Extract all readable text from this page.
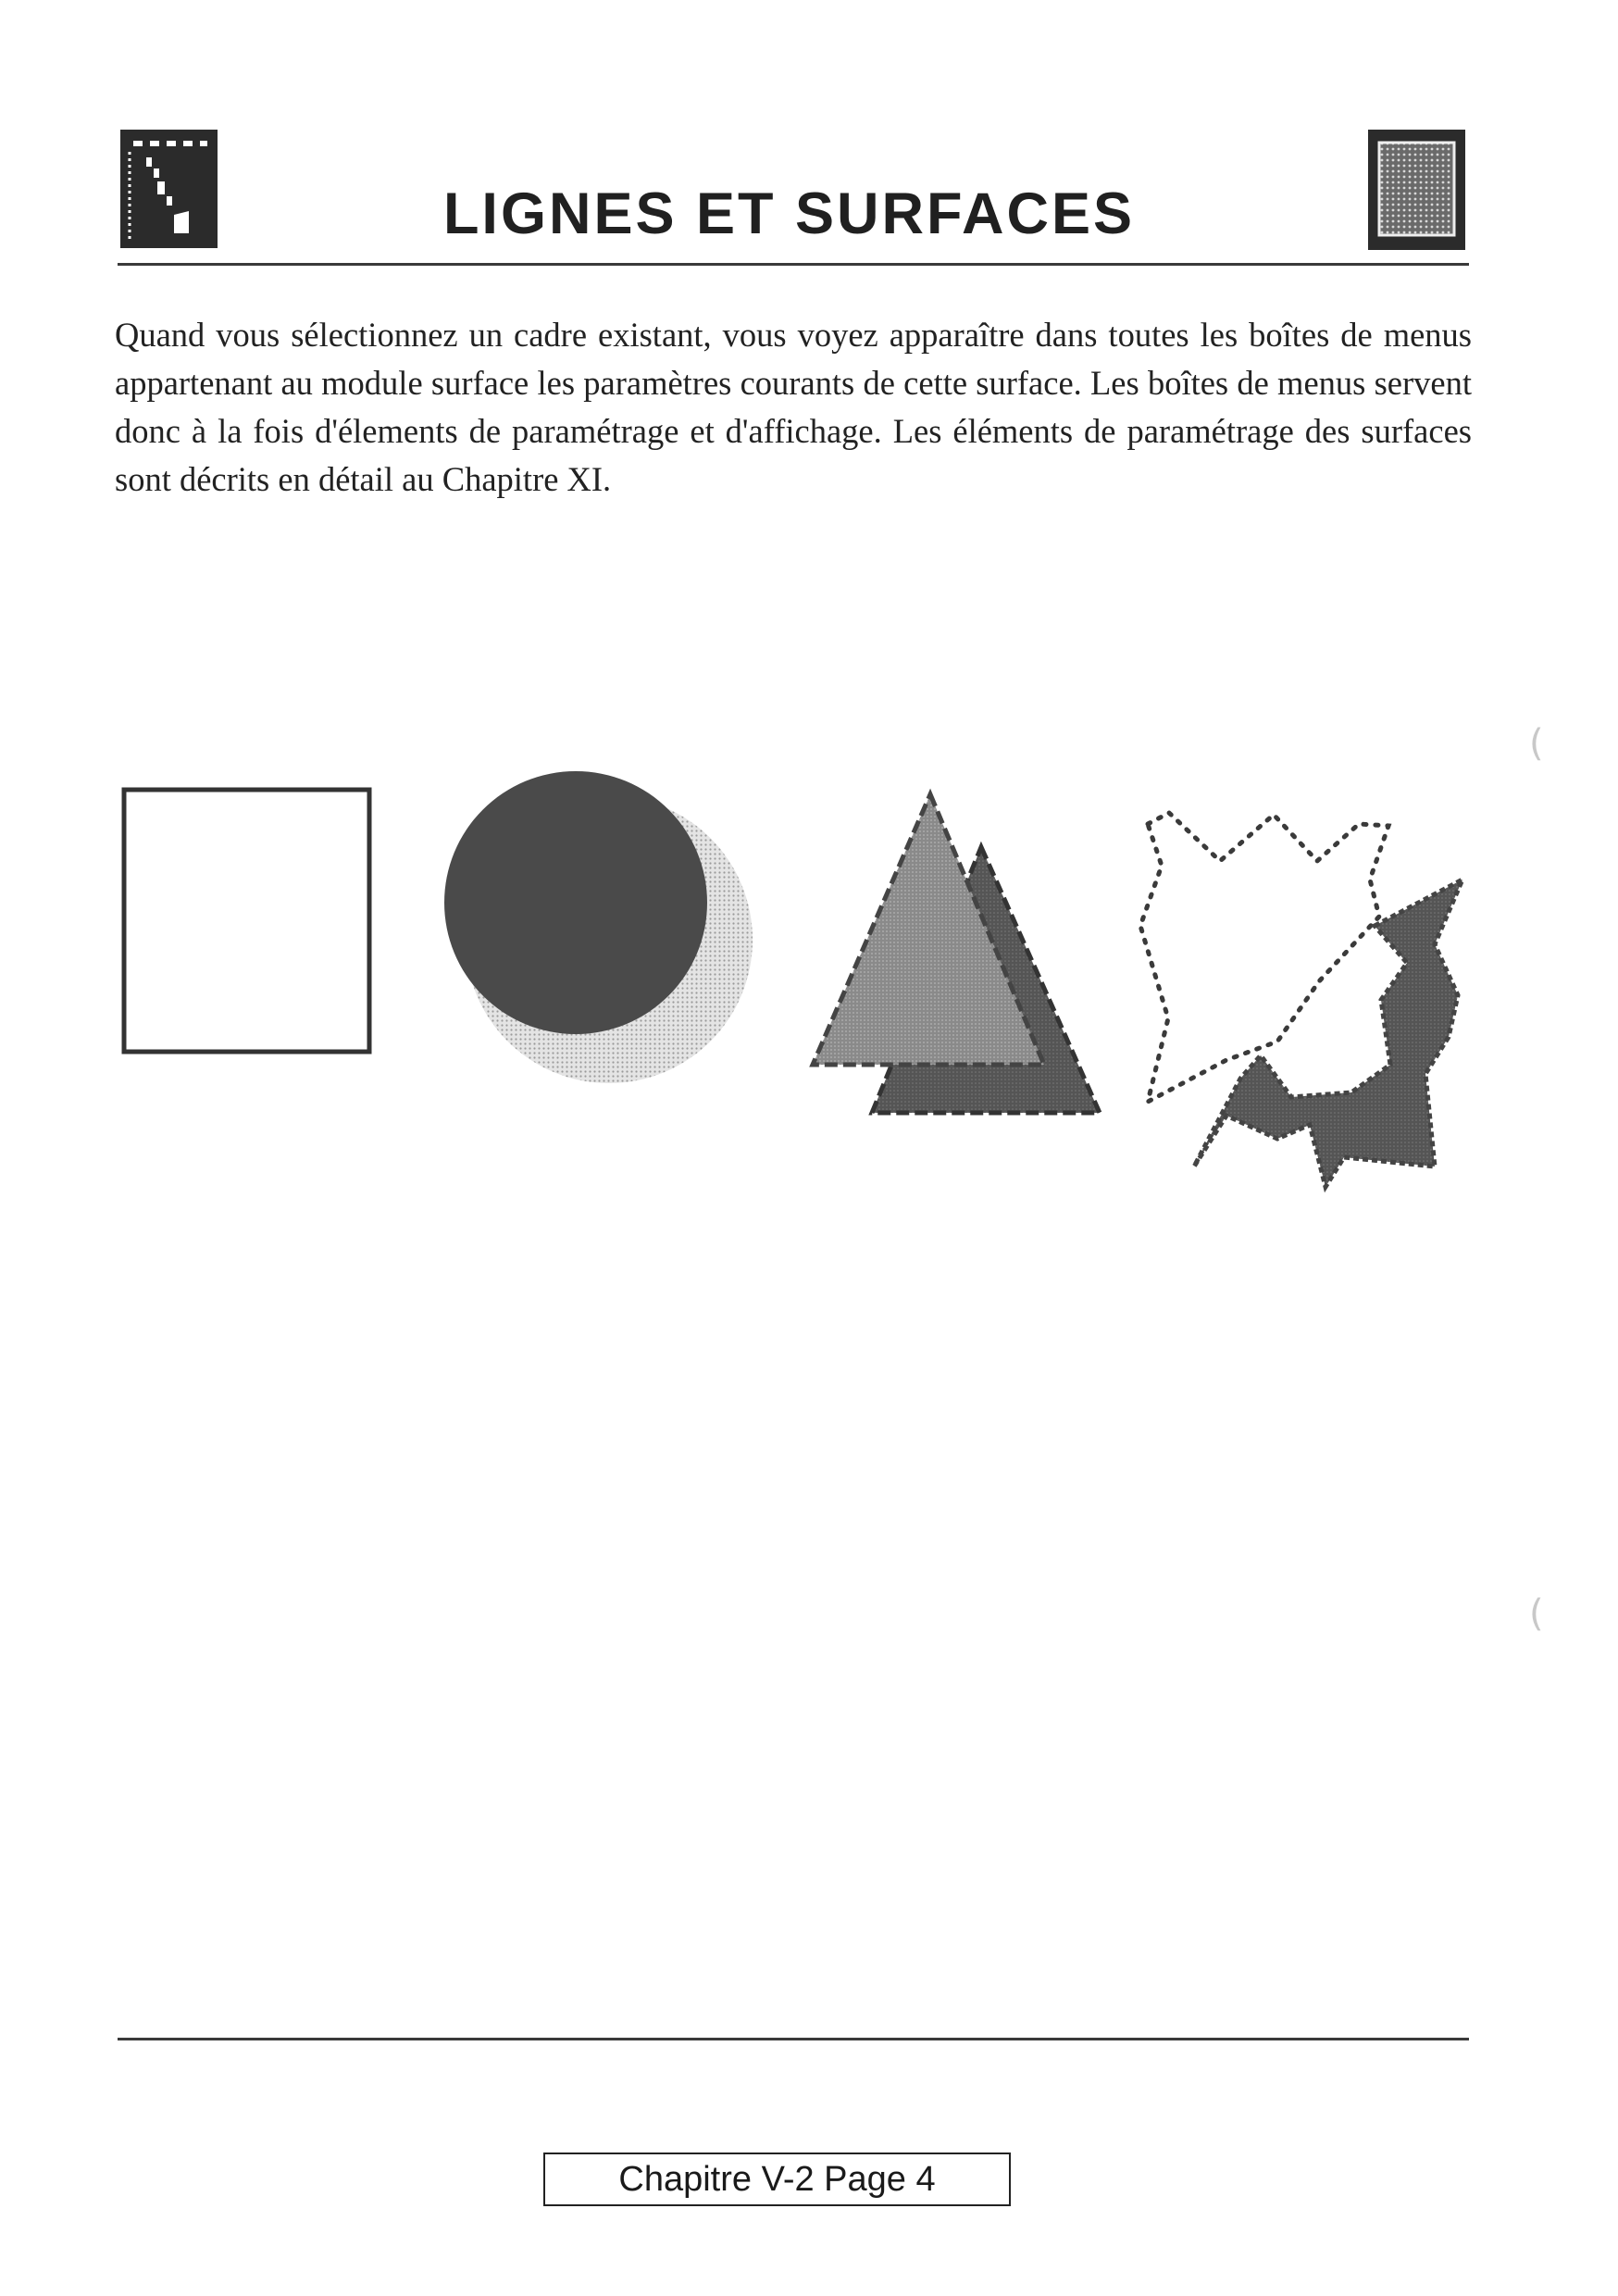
LIGNES ET SURFACES
Quand vous sélectionnez un cadre existant, vous voyez apparaître dans toutes les boîtes de menus appartenant au module surface les paramètres courants de cette surface. Les boîtes de menus servent donc à la fois d'élements de paramétrage et d'affichage. Les éléments de paramétrage des surfaces sont décrits en détail au Chapitre XI.
(
(
Chapitre V-2 Page 4
